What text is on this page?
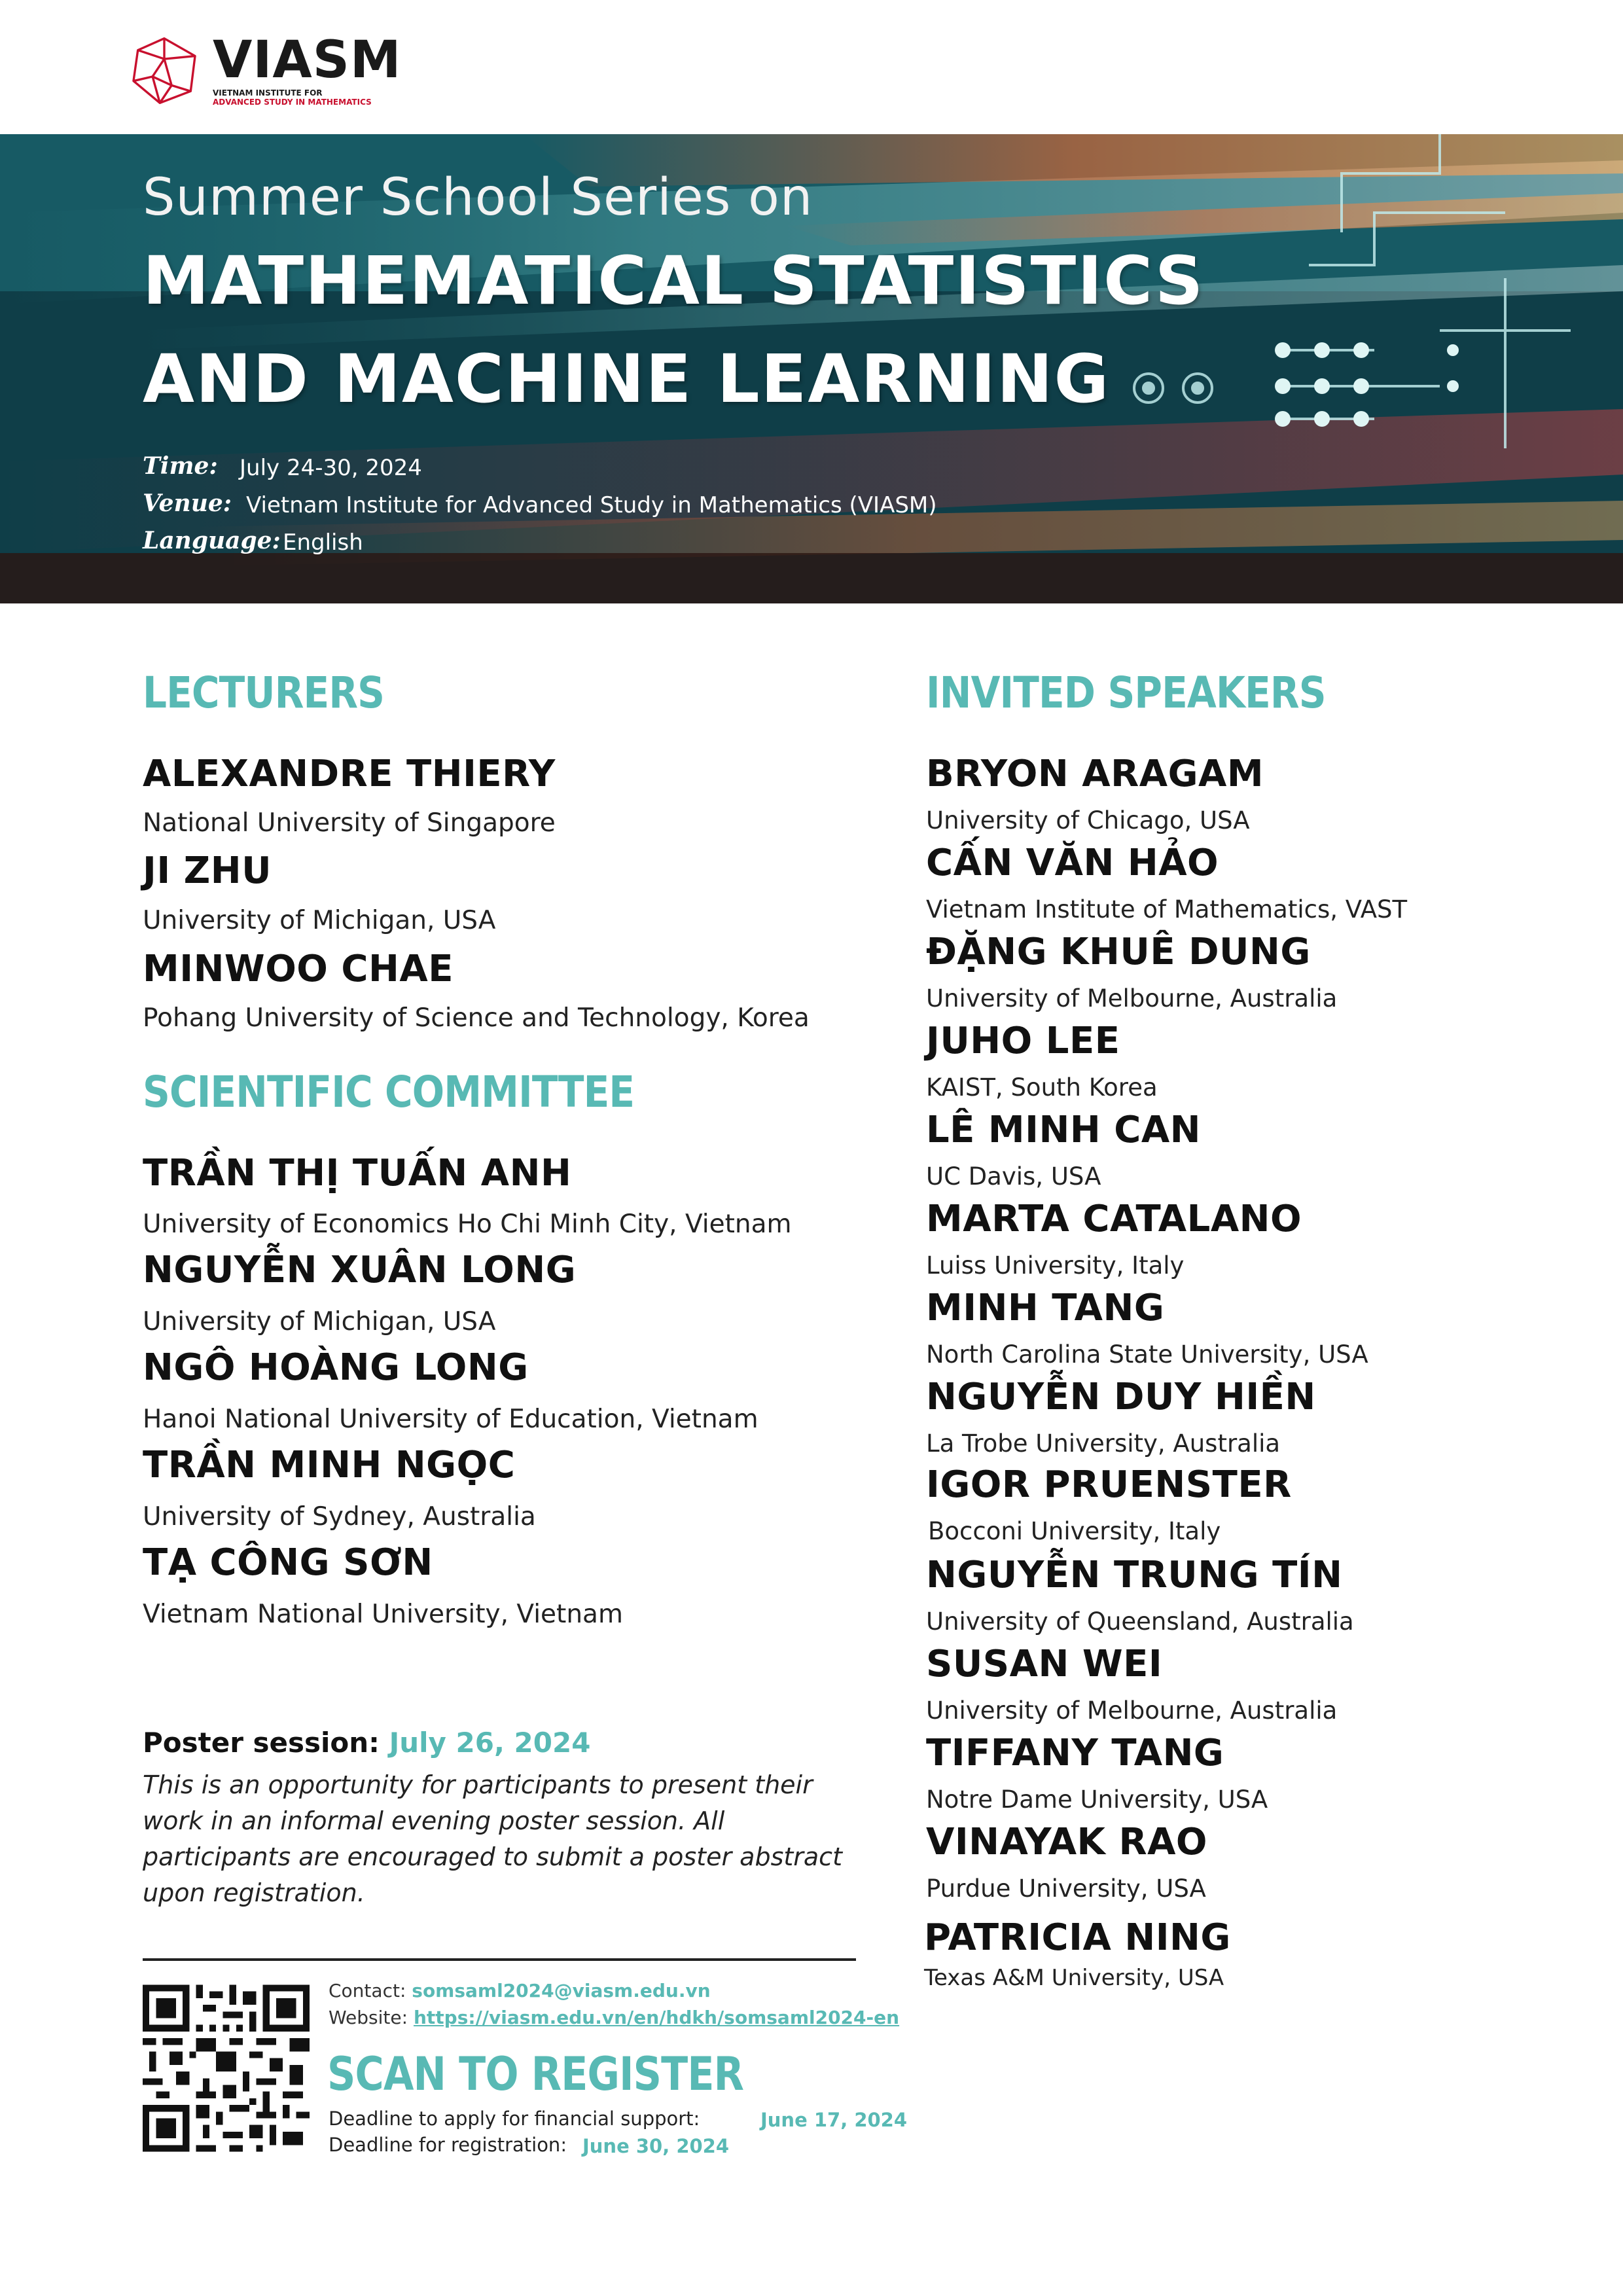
VIASM
VIETNAM INSTITUTE FOR
ADVANCED STUDY IN MATHEMATICS
Summer School Series on
MATHEMATICAL STATISTICS
AND MACHINE LEARNING
Time: July 24-30, 2024
Venue: Vietnam Institute for Advanced Study in Mathematics (VIASM)
Language: English
LECTURERS
ALEXANDRE THIERY
National University of Singapore
JI ZHU
University of Michigan, USA
MINWOO CHAE
Pohang University of Science and Technology, Korea
SCIENTIFIC COMMITTEE
TRẦN THỊ TUẤN ANH
University of Economics Ho Chi Minh City, Vietnam
NGUYỄN XUÂN LONG
University of Michigan, USA
NGÔ HOÀNG LONG
Hanoi National University of Education, Vietnam
TRẦN MINH NGỌC
University of Sydney, Australia
TẠ CÔNG SƠN
Vietnam National University, Vietnam
INVITED SPEAKERS
BRYON ARAGAM
University of Chicago, USA
CẤN VĂN HẢO
Vietnam Institute of Mathematics, VAST
ĐẶNG KHUÊ DUNG
University of Melbourne, Australia
JUHO LEE
KAIST, South Korea
LÊ MINH CAN
UC Davis, USA
MARTA CATALANO
Luiss University, Italy
MINH TANG
North Carolina State University, USA
NGUYỄN DUY HIỀN
La Trobe University, Australia
IGOR PRUENSTER
Bocconi University, Italy
NGUYỄN TRUNG TÍN
University of Queensland, Australia
SUSAN WEI
University of Melbourne, Australia
TIFFANY TANG
Notre Dame University, USA
VINAYAK RAO
Purdue University, USA
PATRICIA NING
Texas A&M University, USA
Poster session: July 26, 2024
This is an opportunity for participants to present their work in an informal evening poster session. All participants are encouraged to submit a poster abstract upon registration.
Contact: somsaml2024@viasm.edu.vn
Website: https://viasm.edu.vn/en/hdkh/somsaml2024-en
SCAN TO REGISTER
Deadline to apply for financial support:	June 17, 2024
Deadline for registration: June 30, 2024
